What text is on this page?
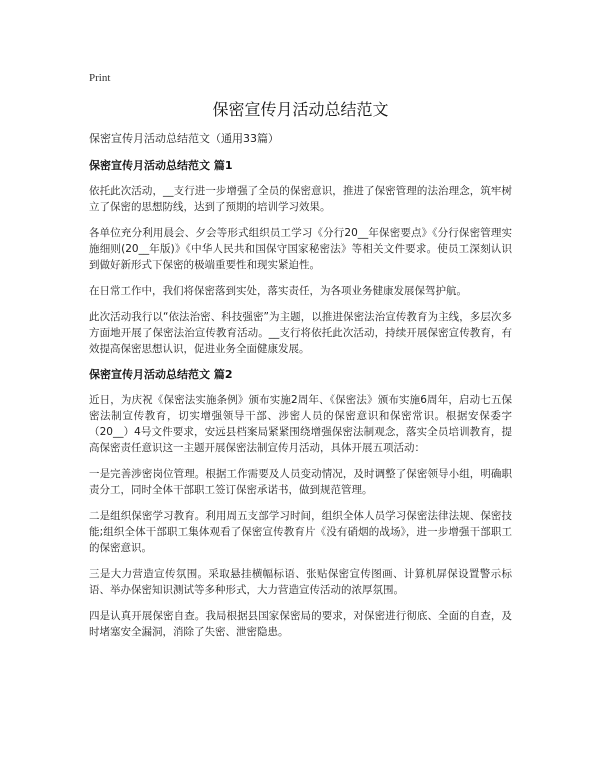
Print
保密宣传月活动总结范文
保密宣传月活动总结范文（通用33篇）
保密宣传月活动总结范文 篇1

依托此次活动，__支行进一步增强了全员的保密意识，推进了保密管理的法治理念，筑牢树立了保密的思想防线，达到了预期的培训学习效果。

各单位充分利用晨会、夕会等形式组织员工学习《分行20__年保密要点》《分行保密管理实施细则(20__年版)》《中华人民共和国保守国家秘密法》等相关文件要求。使员工深刻认识到做好新形式下保密的极端重要性和现实紧迫性。

在日常工作中，我们将保密落到实处，落实责任，为各项业务健康发展保驾护航。

此次活动我行以“依法治密、科技强密”为主题，以推进保密法治宣传教育为主线，多层次多方面地开展了保密法治宣传教育活动。__支行将依托此次活动，持续开展保密宣传教育，有效提高保密思想认识，促进业务全面健康发展。

保密宣传月活动总结范文 篇2

近日，为庆祝《保密法实施条例》颁布实施2周年、《保密法》颁布实施6周年，启动七五保密法制宣传教育，切实增强领导干部、涉密人员的保密意识和保密常识。根据安保委字（20__）4号文件要求，安远县档案局紧紧围绕增强保密法制观念，落实全员培训教育，提高保密责任意识这一主题开展保密法制宣传月活动，具体开展五项活动：

一是完善涉密岗位管理。根据工作需要及人员变动情况，及时调整了保密领导小组，明确职责分工，同时全体干部职工签订保密承诺书，做到规范管理。

二是组织保密学习教育。利用周五支部学习时间，组织全体人员学习保密法律法规、保密技能;组织全体干部职工集体观看了保密宣传教育片《没有硝烟的战场》，进一步增强干部职工的保密意识。

三是大力营造宣传氛围。采取悬挂横幅标语、张贴保密宣传图画、计算机屏保设置警示标语、举办保密知识测试等多种形式，大力营造宣传活动的浓厚氛围。

四是认真开展保密自查。我局根据县国家保密局的要求，对保密进行彻底、全面的自查，及时堵塞安全漏洞，消除了失密、泄密隐患。
